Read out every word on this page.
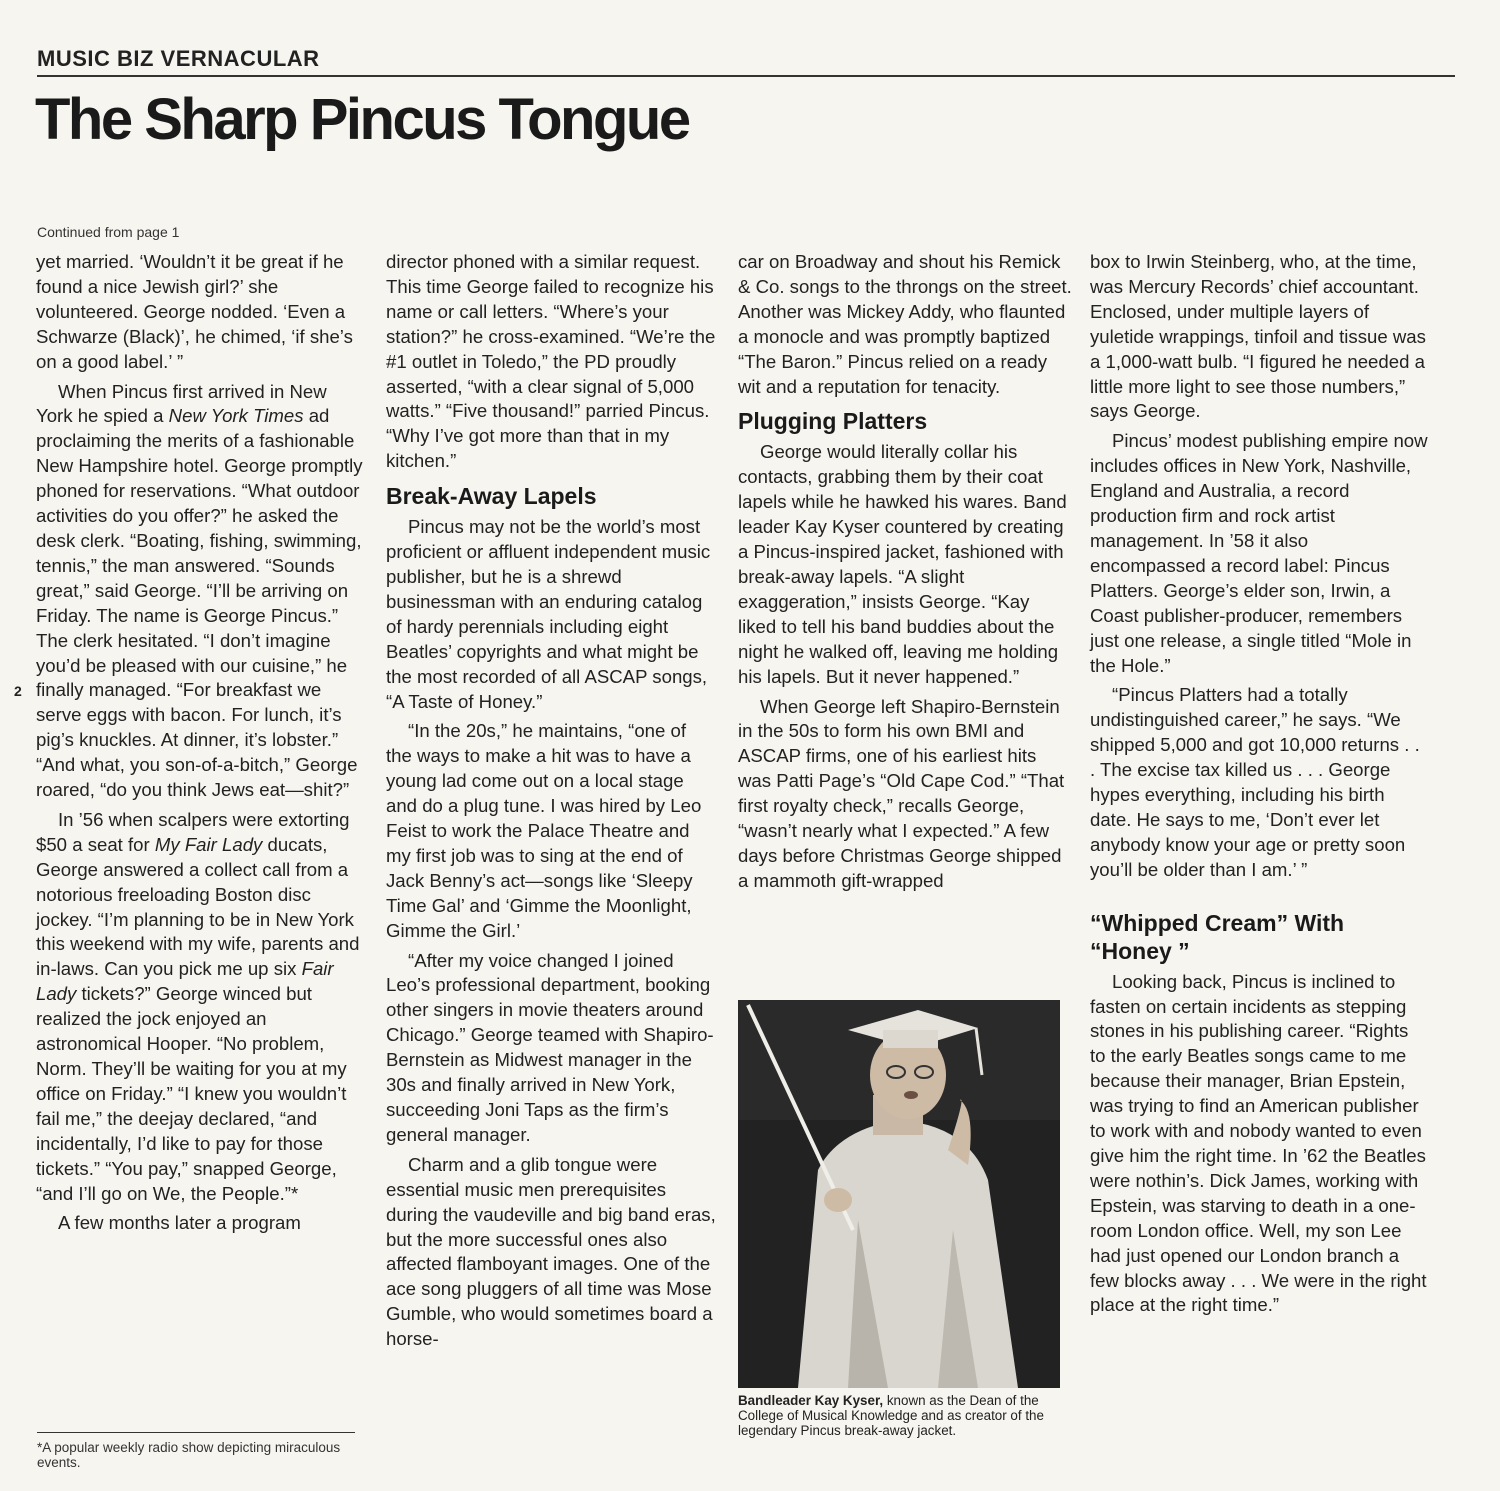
MUSIC BIZ VERNACULAR
The Sharp Pincus Tongue
Continued from page 1
2

yet married. ‘Wouldn’t it be great if he found a nice Jewish girl?’ she volunteered. George nodded. ‘Even a Schwarze (Black)’, he chimed, ‘if she’s on a good label.’ ”

When Pincus first arrived in New York he spied a New York Times ad proclaiming the merits of a fashionable New Hampshire hotel. George promptly phoned for reservations. “What outdoor activities do you offer?” he asked the desk clerk. “Boating, fishing, swimming, tennis,” the man answered. “Sounds great,” said George. “I’ll be arriving on Friday. The name is George Pincus.” The clerk hesitated. “I don’t imagine you’d be pleased with our cuisine,” he finally managed. “For breakfast we serve eggs with bacon. For lunch, it’s pig’s knuckles. At dinner, it’s lobster.” “And what, you son-of-a-bitch,” George roared, “do you think Jews eat—shit?”

In ’56 when scalpers were extorting $50 a seat for My Fair Lady ducats, George answered a collect call from a notorious freeloading Boston disc jockey. “I’m planning to be in New York this weekend with my wife, parents and in-laws. Can you pick me up six Fair Lady tickets?” George winced but realized the jock enjoyed an astronomical Hooper. “No problem, Norm. They’ll be waiting for you at my office on Friday.” “I knew you wouldn’t fail me,” the deejay declared, “and incidentally, I’d like to pay for those tickets.” “You pay,” snapped George, “and I’ll go on We, the People.”*

A few months later a program

*A popular weekly radio show depicting miraculous events.

director phoned with a similar request. This time George failed to recognize his name or call letters. “Where’s your station?” he cross-examined. “We’re the #1 outlet in Toledo,” the PD proudly asserted, “with a clear signal of 5,000 watts.” “Five thousand!” parried Pincus. “Why I’ve got more than that in my kitchen.”

Break-Away Lapels

Pincus may not be the world’s most proficient or affluent independent music publisher, but he is a shrewd businessman with an enduring catalog of hardy perennials including eight Beatles’ copyrights and what might be the most recorded of all ASCAP songs, “A Taste of Honey.”

“In the 20s,” he maintains, “one of the ways to make a hit was to have a young lad come out on a local stage and do a plug tune. I was hired by Leo Feist to work the Palace Theatre and my first job was to sing at the end of Jack Benny’s act—songs like ‘Sleepy Time Gal’ and ‘Gimme the Moonlight, Gimme the Girl.’

“After my voice changed I joined Leo’s professional department, booking other singers in movie theaters around Chicago.” George teamed with Shapiro-Bernstein as Midwest manager in the 30s and finally arrived in New York, succeeding Joni Taps as the firm’s general manager.

Charm and a glib tongue were essential music men prerequisites during the vaudeville and big band eras, but the more successful ones also affected flamboyant images. One of the ace song pluggers of all time was Mose Gumble, who would sometimes board a horse-

car on Broadway and shout his Remick & Co. songs to the throngs on the street. Another was Mickey Addy, who flaunted a monocle and was promptly baptized “The Baron.” Pincus relied on a ready wit and a reputation for tenacity.

Plugging Platters

George would literally collar his contacts, grabbing them by their coat lapels while he hawked his wares. Band leader Kay Kyser countered by creating a Pincus-inspired jacket, fashioned with break-away lapels. “A slight exaggeration,” insists George. “Kay liked to tell his band buddies about the night he walked off, leaving me holding his lapels. But it never happened.”

When George left Shapiro-Bernstein in the 50s to form his own BMI and ASCAP firms, one of his earliest hits was Patti Page’s “Old Cape Cod.” “That first royalty check,” recalls George, “wasn’t nearly what I expected.” A few days before Christmas George shipped a mammoth gift-wrapped

Bandleader Kay Kyser, known as the Dean of the College of Musical Knowledge and as creator of the legendary Pincus break-away jacket.

box to Irwin Steinberg, who, at the time, was Mercury Records’ chief accountant. Enclosed, under multiple layers of yuletide wrappings, tinfoil and tissue was a 1,000-watt bulb. “I figured he needed a little more light to see those numbers,” says George.

Pincus’ modest publishing empire now includes offices in New York, Nashville, England and Australia, a record production firm and rock artist management. In ’58 it also encompassed a record label: Pincus Platters. George’s elder son, Irwin, a Coast publisher-producer, remembers just one release, a single titled “Mole in the Hole.”

“Pincus Platters had a totally undistinguished career,” he says. “We shipped 5,000 and got 10,000 returns . . . The excise tax killed us . . . George hypes everything, including his birth date. He says to me, ‘Don’t ever let anybody know your age or pretty soon you’ll be older than I am.’ ”

“Whipped Cream” With “Honey ”

Looking back, Pincus is inclined to fasten on certain incidents as stepping stones in his publishing career. “Rights to the early Beatles songs came to me because their manager, Brian Epstein, was trying to find an American publisher to work with and nobody wanted to even give him the right time. In ’62 the Beatles were nothin’s. Dick James, working with Epstein, was starving to death in a one-room London office. Well, my son Lee had just opened our London branch a few blocks away . . . We were in the right place at the right time.”
